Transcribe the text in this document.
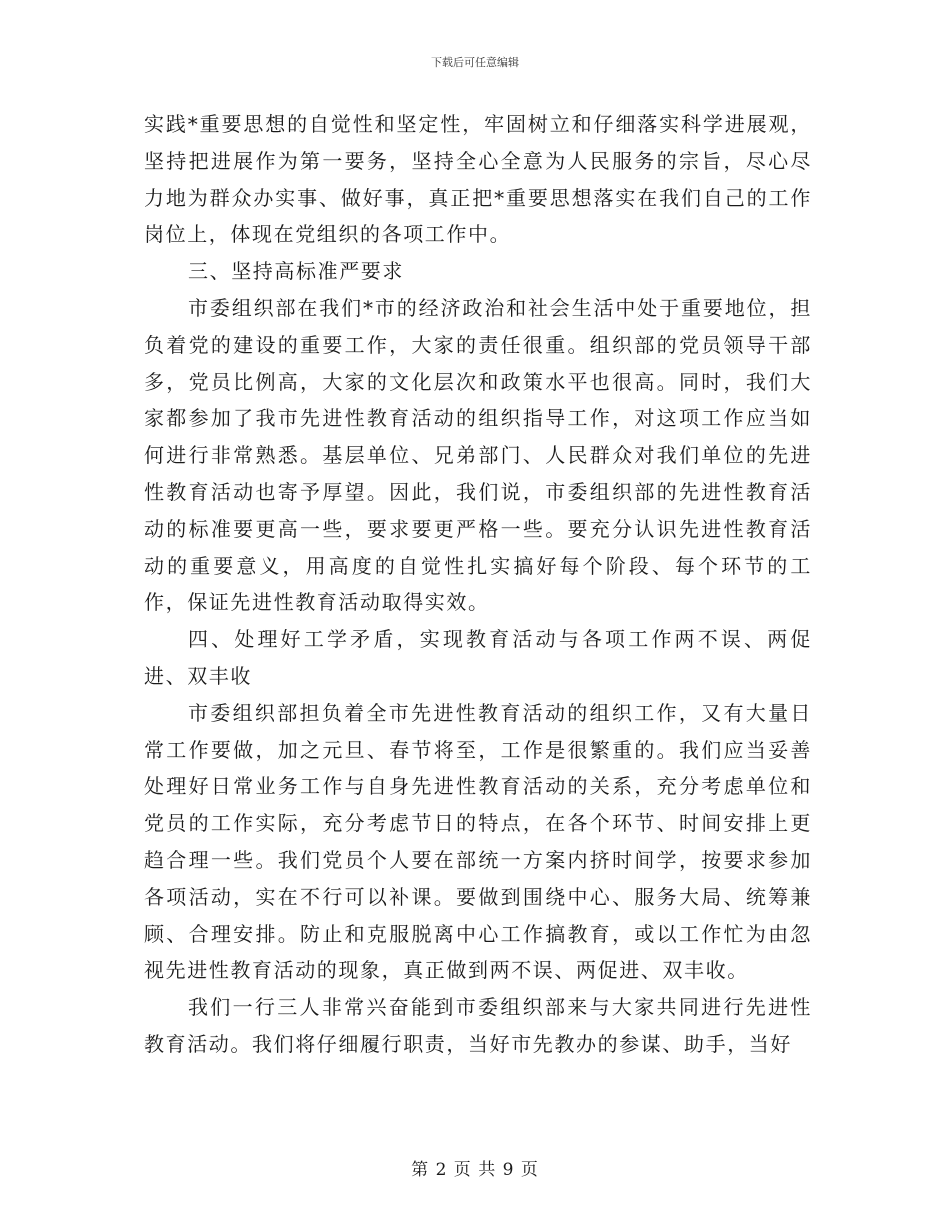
下载后可任意编辑

实践*重要思想的自觉性和坚定性，牢固树立和仔细落实科学进展观，坚持把进展作为第一要务，坚持全心全意为人民服务的宗旨，尽心尽力地为群众办实事、做好事，真正把*重要思想落实在我们自己的工作岗位上，体现在党组织的各项工作中。

三、坚持高标准严要求

市委组织部在我们*市的经济政治和社会生活中处于重要地位，担负着党的建设的重要工作，大家的责任很重。组织部的党员领导干部多，党员比例高，大家的文化层次和政策水平也很高。同时，我们大家都参加了我市先进性教育活动的组织指导工作，对这项工作应当如何进行非常熟悉。基层单位、兄弟部门、人民群众对我们单位的先进性教育活动也寄予厚望。因此，我们说，市委组织部的先进性教育活动的标准要更高一些，要求要更严格一些。要充分认识先进性教育活动的重要意义，用高度的自觉性扎实搞好每个阶段、每个环节的工作，保证先进性教育活动取得实效。

四、处理好工学矛盾，实现教育活动与各项工作两不误、两促进、双丰收

市委组织部担负着全市先进性教育活动的组织工作，又有大量日常工作要做，加之元旦、春节将至，工作是很繁重的。我们应当妥善处理好日常业务工作与自身先进性教育活动的关系，充分考虑单位和党员的工作实际，充分考虑节日的特点，在各个环节、时间安排上更趋合理一些。我们党员个人要在部统一方案内挤时间学，按要求参加各项活动，实在不行可以补课。要做到围绕中心、服务大局、统筹兼顾、合理安排。防止和克服脱离中心工作搞教育，或以工作忙为由忽视先进性教育活动的现象，真正做到两不误、两促进、双丰收。

我们一行三人非常兴奋能到市委组织部来与大家共同进行先进性教育活动。我们将仔细履行职责，当好市先教办的参谋、助手，当好

第 2 页 共 9 页
